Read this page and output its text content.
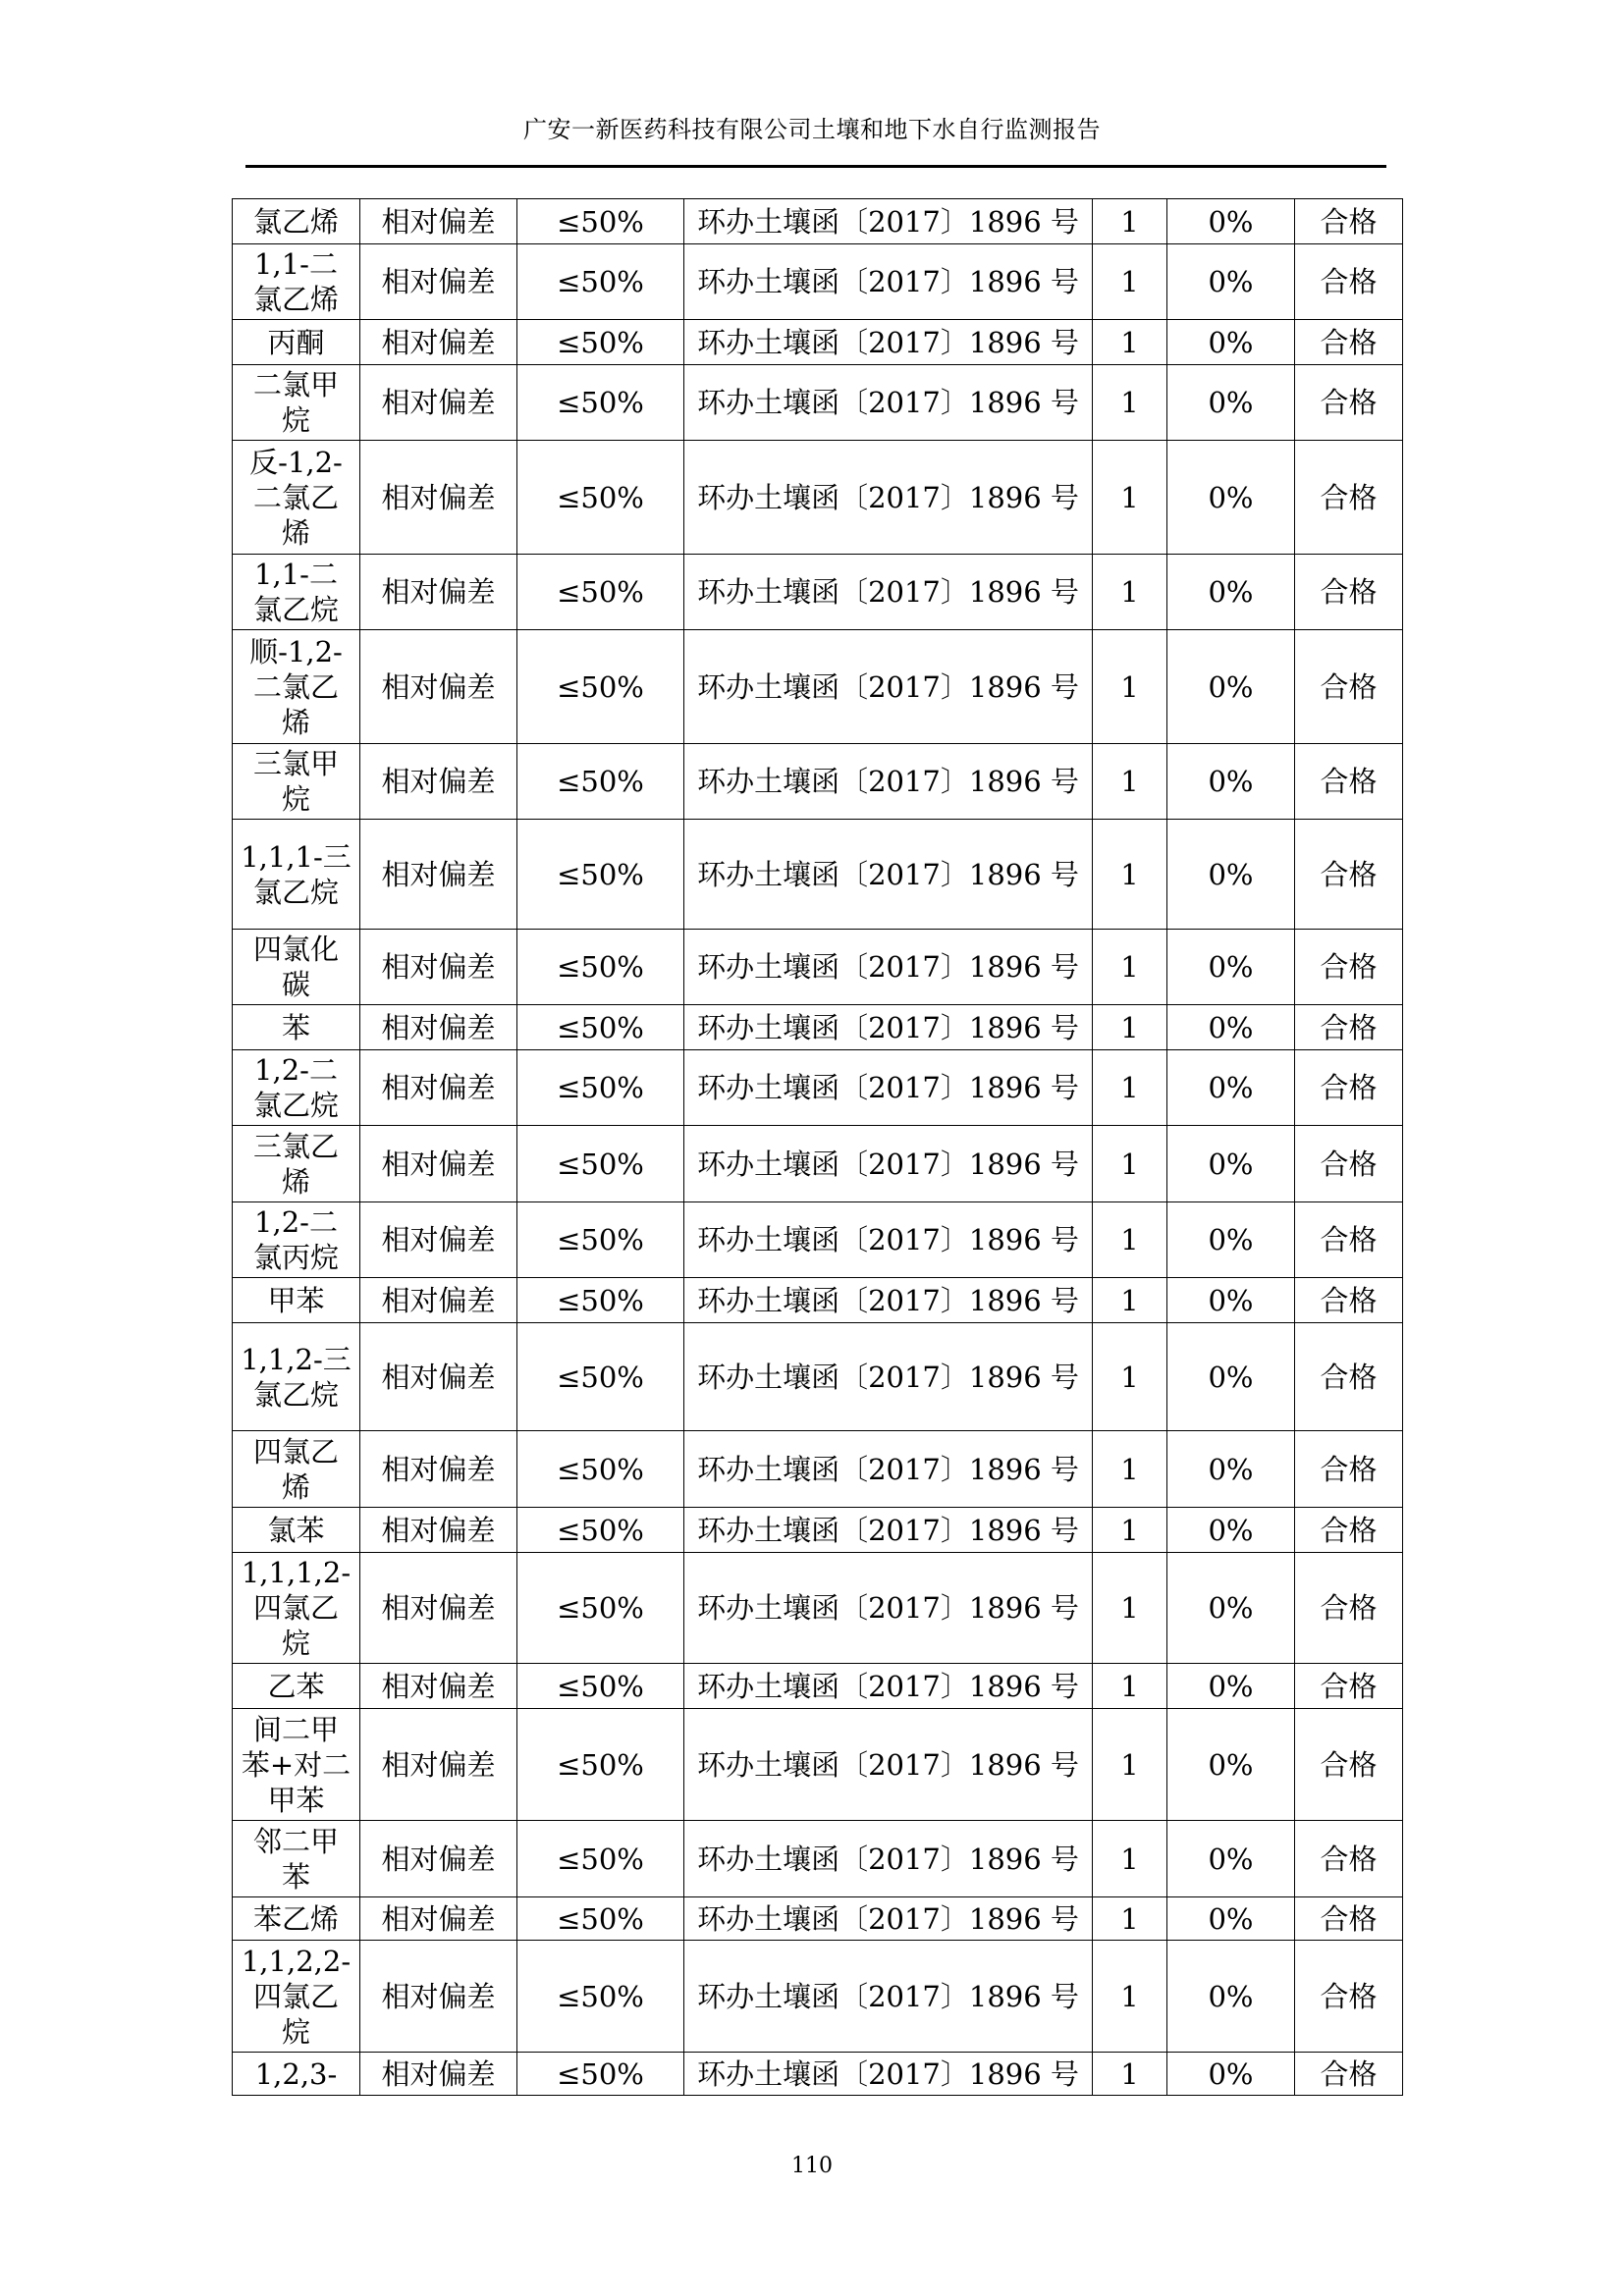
广安一新医药科技有限公司土壤和地下水自行监测报告
氯乙烯	相对偏差	≤50%	环办土壤函〔2017〕1896 号	1	0%	合格
1,1-二氯乙烯	相对偏差	≤50%	环办土壤函〔2017〕1896 号	1	0%	合格
丙酮	相对偏差	≤50%	环办土壤函〔2017〕1896 号	1	0%	合格
二氯甲烷	相对偏差	≤50%	环办土壤函〔2017〕1896 号	1	0%	合格
反-1,2-二氯乙烯	相对偏差	≤50%	环办土壤函〔2017〕1896 号	1	0%	合格
1,1-二氯乙烷	相对偏差	≤50%	环办土壤函〔2017〕1896 号	1	0%	合格
顺-1,2-二氯乙烯	相对偏差	≤50%	环办土壤函〔2017〕1896 号	1	0%	合格
三氯甲烷	相对偏差	≤50%	环办土壤函〔2017〕1896 号	1	0%	合格
1,1,1-三氯乙烷	相对偏差	≤50%	环办土壤函〔2017〕1896 号	1	0%	合格
四氯化碳	相对偏差	≤50%	环办土壤函〔2017〕1896 号	1	0%	合格
苯	相对偏差	≤50%	环办土壤函〔2017〕1896 号	1	0%	合格
1,2-二氯乙烷	相对偏差	≤50%	环办土壤函〔2017〕1896 号	1	0%	合格
三氯乙烯	相对偏差	≤50%	环办土壤函〔2017〕1896 号	1	0%	合格
1,2-二氯丙烷	相对偏差	≤50%	环办土壤函〔2017〕1896 号	1	0%	合格
甲苯	相对偏差	≤50%	环办土壤函〔2017〕1896 号	1	0%	合格
1,1,2-三氯乙烷	相对偏差	≤50%	环办土壤函〔2017〕1896 号	1	0%	合格
四氯乙烯	相对偏差	≤50%	环办土壤函〔2017〕1896 号	1	0%	合格
氯苯	相对偏差	≤50%	环办土壤函〔2017〕1896 号	1	0%	合格
1,1,1,2-四氯乙烷	相对偏差	≤50%	环办土壤函〔2017〕1896 号	1	0%	合格
乙苯	相对偏差	≤50%	环办土壤函〔2017〕1896 号	1	0%	合格
间二甲苯+对二甲苯	相对偏差	≤50%	环办土壤函〔2017〕1896 号	1	0%	合格
邻二甲苯	相对偏差	≤50%	环办土壤函〔2017〕1896 号	1	0%	合格
苯乙烯	相对偏差	≤50%	环办土壤函〔2017〕1896 号	1	0%	合格
1,1,2,2-四氯乙烷	相对偏差	≤50%	环办土壤函〔2017〕1896 号	1	0%	合格
1,2,3-	相对偏差	≤50%	环办土壤函〔2017〕1896 号	1	0%	合格
110
